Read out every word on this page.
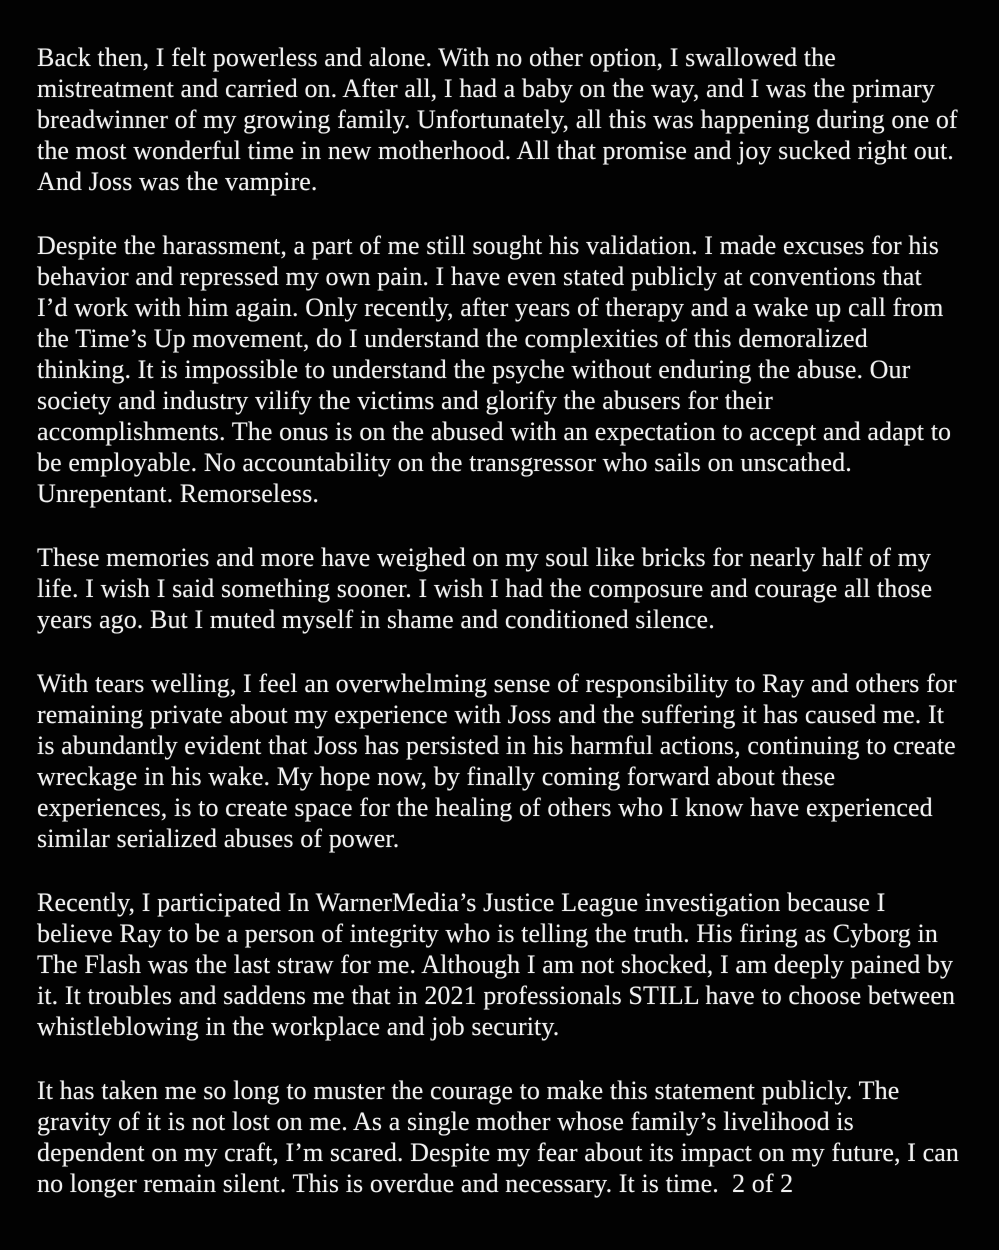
Back then, I felt powerless and alone. With no other option, I swallowed the mistreatment and carried on. After all, I had a baby on the way, and I was the primary breadwinner of my growing family. Unfortunately, all this was happening during one of the most wonderful time in new motherhood. All that promise and joy sucked right out. And Joss was the vampire.

Despite the harassment, a part of me still sought his validation. I made excuses for his behavior and repressed my own pain. I have even stated publicly at conventions that I’d work with him again. Only recently, after years of therapy and a wake up call from the Time’s Up movement, do I understand the complexities of this demoralized thinking. It is impossible to understand the psyche without enduring the abuse. Our society and industry vilify the victims and glorify the abusers for their accomplishments. The onus is on the abused with an expectation to accept and adapt to be employable. No accountability on the transgressor who sails on unscathed. Unrepentant. Remorseless.

These memories and more have weighed on my soul like bricks for nearly half of my life. I wish I said something sooner. I wish I had the composure and courage all those years ago. But I muted myself in shame and conditioned silence.

With tears welling, I feel an overwhelming sense of responsibility to Ray and others for remaining private about my experience with Joss and the suffering it has caused me. It is abundantly evident that Joss has persisted in his harmful actions, continuing to create wreckage in his wake. My hope now, by finally coming forward about these experiences, is to create space for the healing of others who I know have experienced similar serialized abuses of power.

Recently, I participated In WarnerMedia’s Justice League investigation because I believe Ray to be a person of integrity who is telling the truth. His firing as Cyborg in The Flash was the last straw for me. Although I am not shocked, I am deeply pained by it. It troubles and saddens me that in 2021 professionals STILL have to choose between whistleblowing in the workplace and job security.

It has taken me so long to muster the courage to make this statement publicly. The gravity of it is not lost on me. As a single mother whose family’s livelihood is dependent on my craft, I’m scared. Despite my fear about its impact on my future, I can no longer remain silent. This is overdue and necessary. It is time. 2 of 2
